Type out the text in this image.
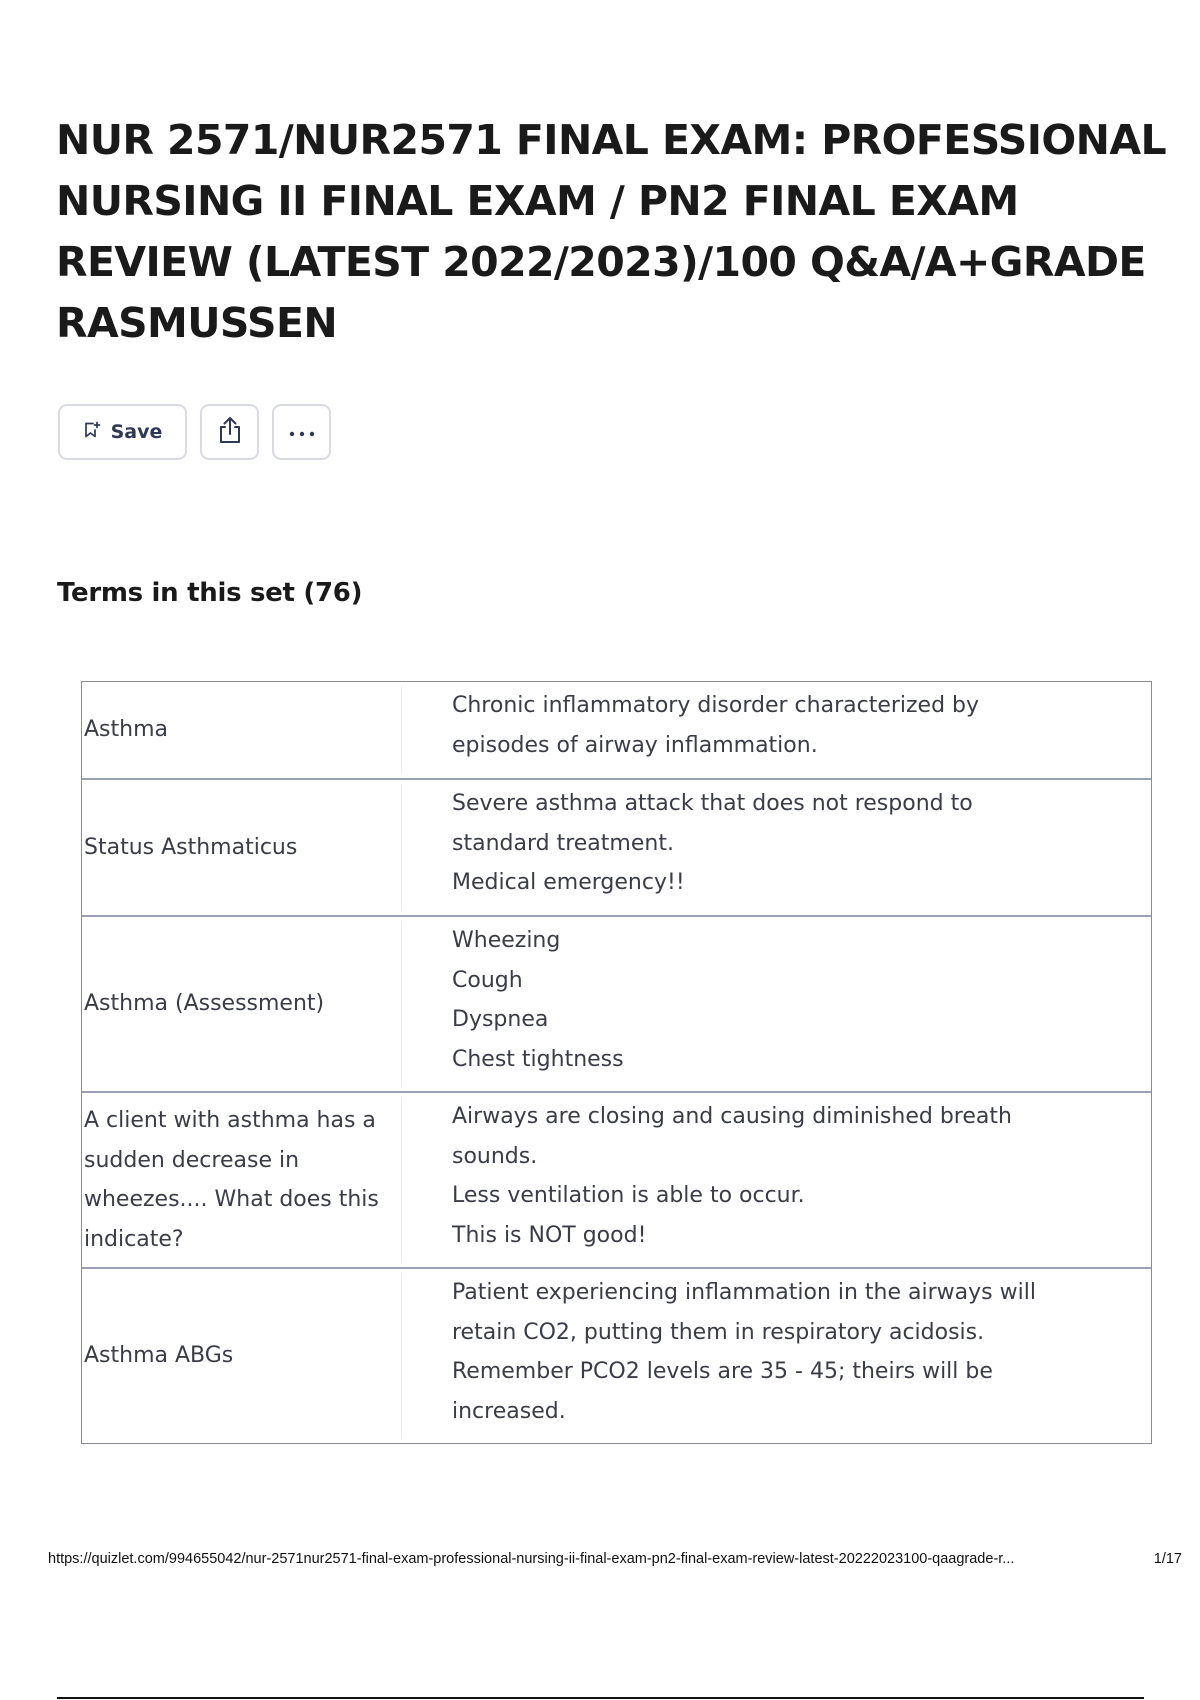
NUR 2571/NUR2571 FINAL EXAM: PROFESSIONAL NURSING II FINAL EXAM / PN2 FINAL EXAM REVIEW (LATEST 2022/2023)/100 Q&A/A+GRADE RASMUSSEN
Save
Terms in this set (76)
Asthma
Chronic inflammatory disorder characterized by
episodes of airway inflammation.
Status Asthmaticus
Severe asthma attack that does not respond to
standard treatment.
Medical emergency!!
Asthma (Assessment)
Wheezing
Cough
Dyspnea
Chest tightness
A client with asthma has a sudden decrease in wheezes.... What does this indicate?
Airways are closing and causing diminished breath
sounds.
Less ventilation is able to occur.
This is NOT good!
Asthma ABGs
Patient experiencing inflammation in the airways will
retain CO2, putting them in respiratory acidosis.
Remember PCO2 levels are 35 - 45; theirs will be
increased.
https://quizlet.com/994655042/nur-2571nur2571-final-exam-professional-nursing-ii-final-exam-pn2-final-exam-review-latest-20222023100-qaagrade-r...	1/17
